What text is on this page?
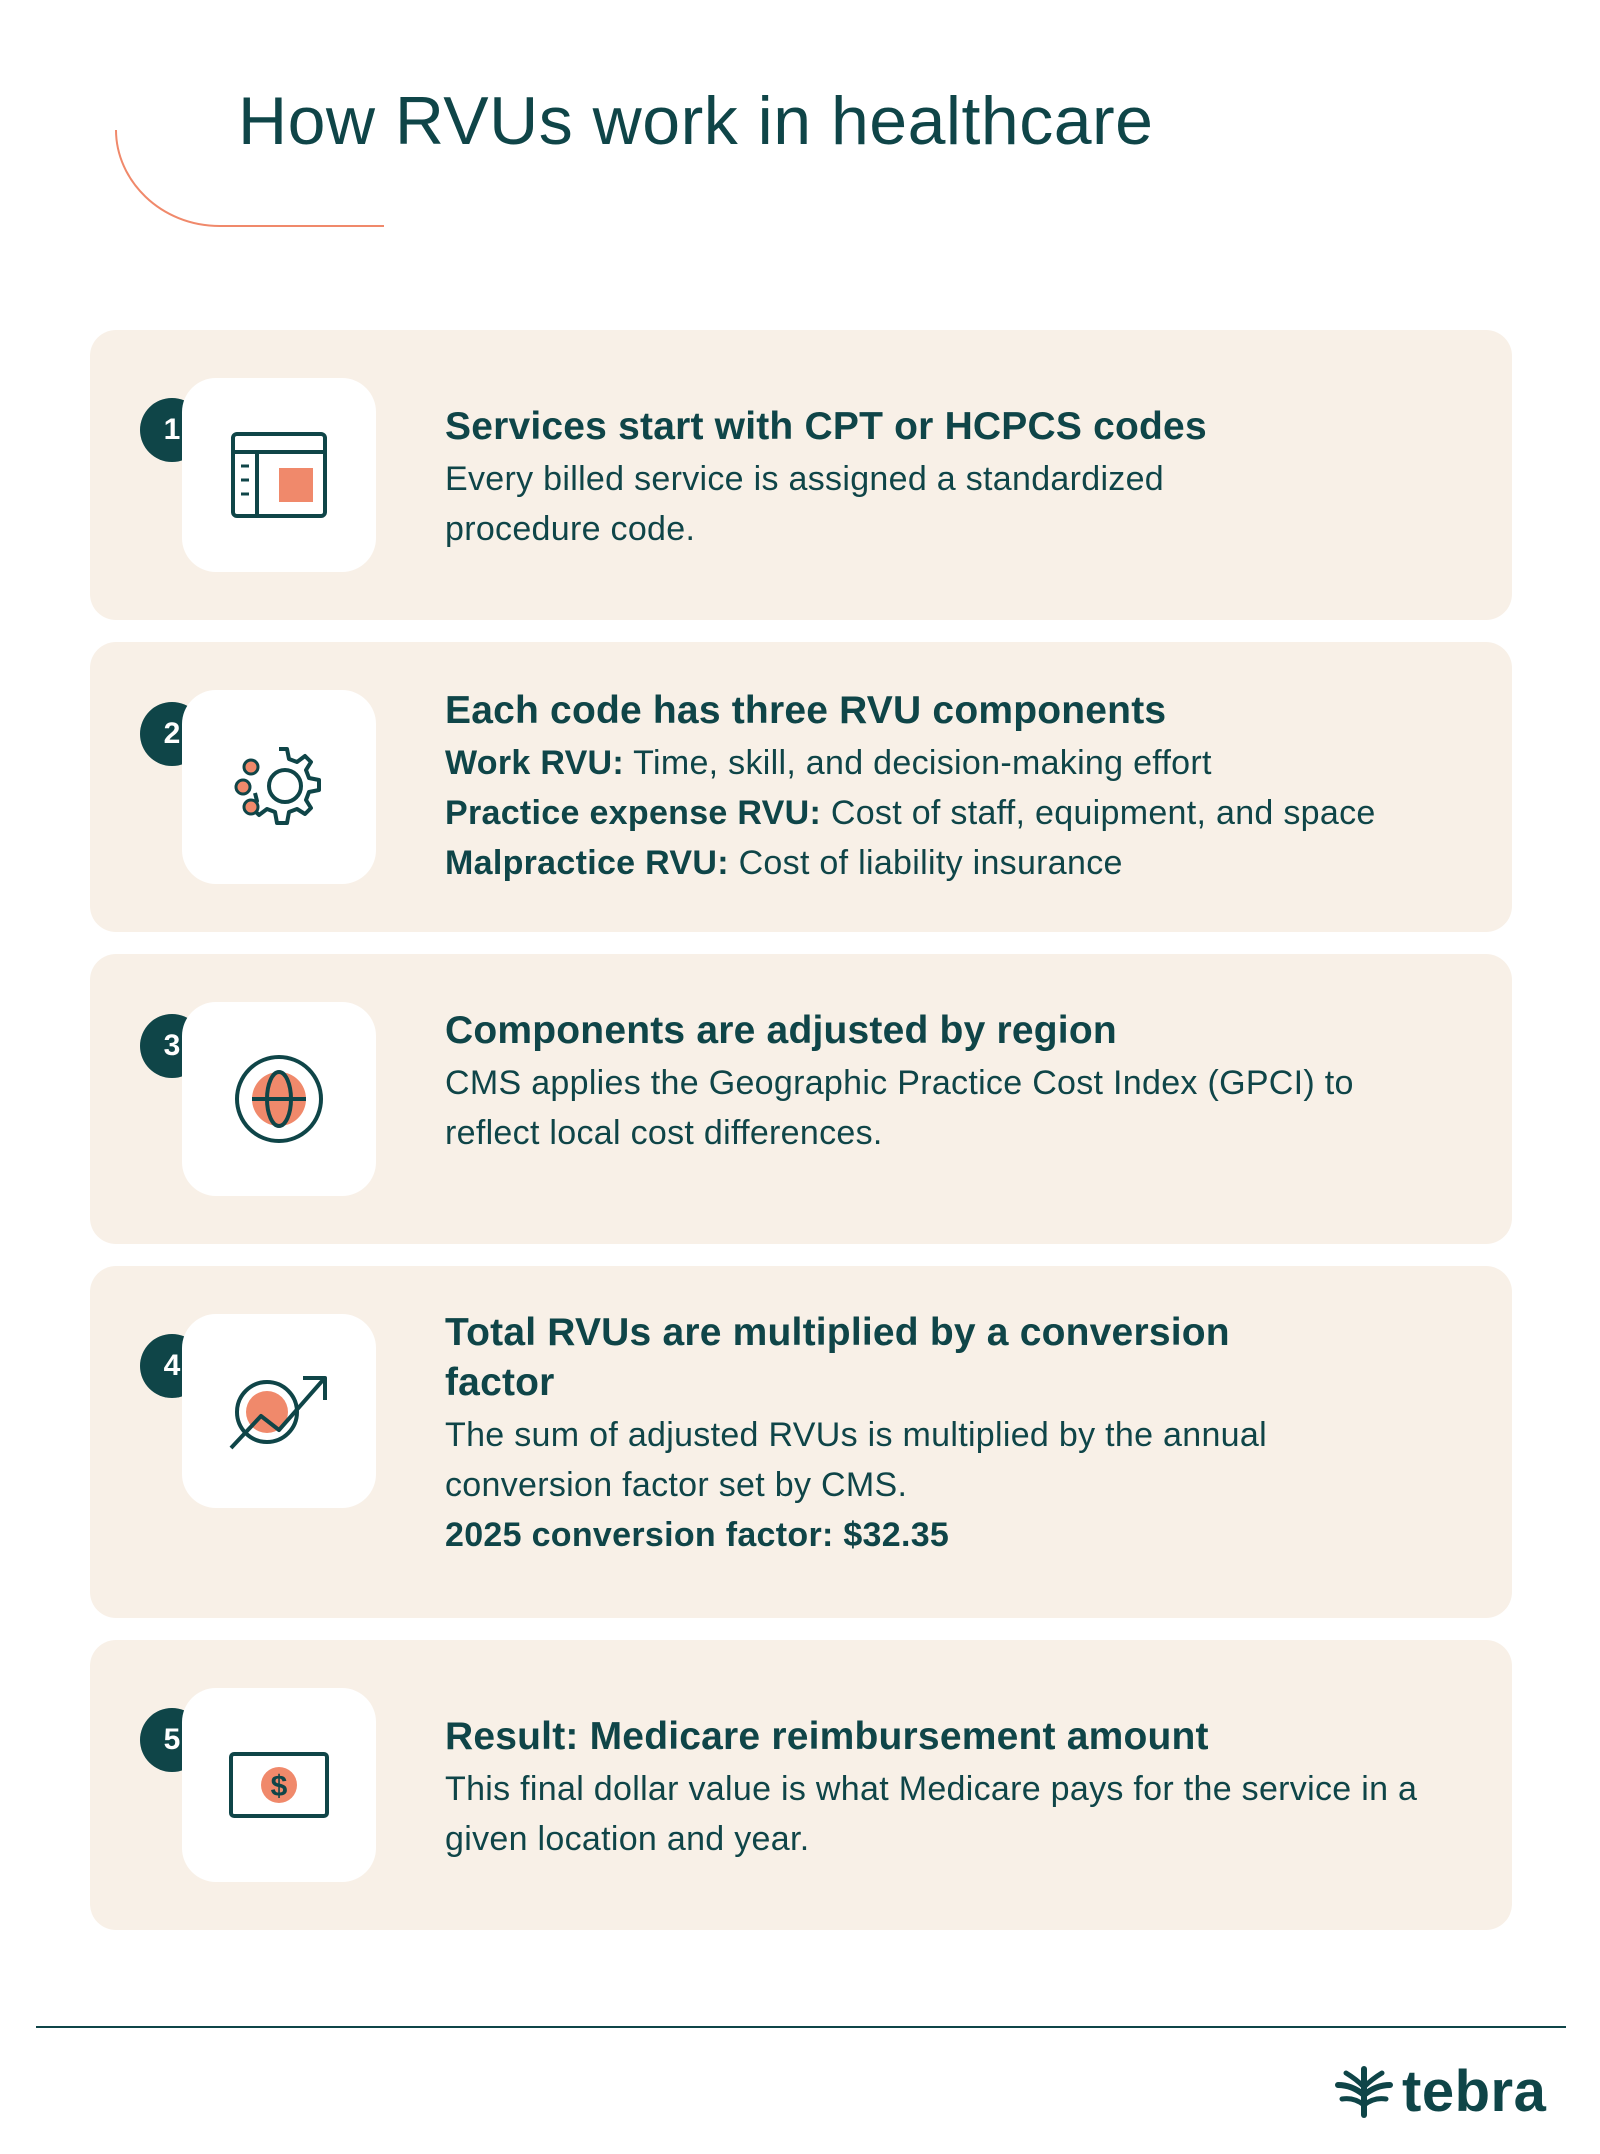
How RVUs work in healthcare
1	Services start with CPT or HCPCS codes

Every billed service is assigned a standardized procedure code.

2

Each code has three RVU components

Work RVU: Time, skill, and decision-making effort

Practice expense RVU: Cost of staff, equipment, and space

Malpractice RVU: Cost of liability insurance

3	Components are adjusted by region

CMS applies the Geographic Practice Cost Index (GPCI) to reflect local cost differences.

4

Total RVUs are multiplied by a conversion factor

The sum of adjusted RVUs is multiplied by the annual conversion factor set by CMS.

2025 conversion factor: $32.35

5
$

Result: Medicare reimbursement amount

This final dollar value is what Medicare pays for the service in a given location and year.

tebra
